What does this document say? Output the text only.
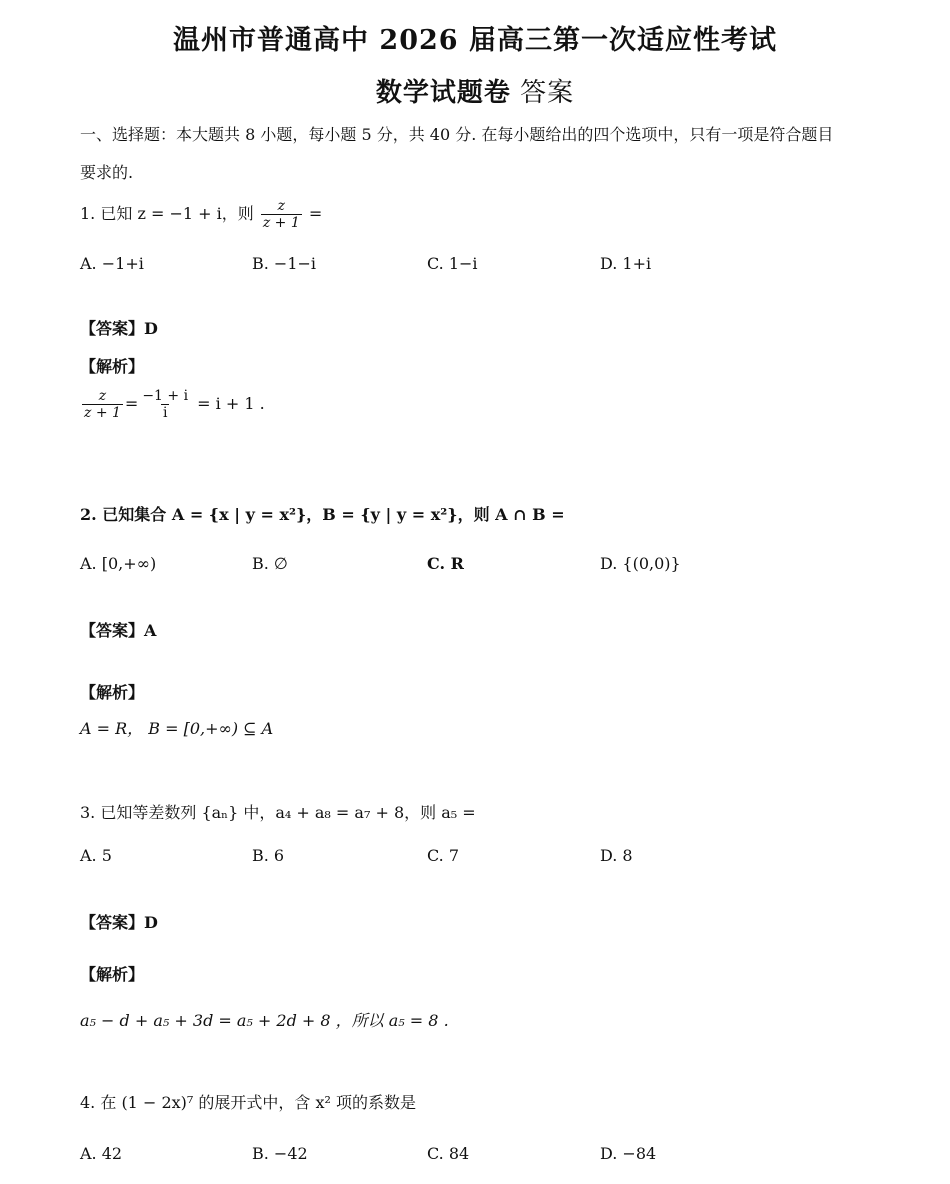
温州市普通高中 2026 届高三第一次适应性考试
数学试题卷 答案
一、选择题：本大题共 8 小题，每小题 5 分，共 40 分. 在每小题给出的四个选项中，只有一项是符合题目
要求的.
1. 已知 z = −1 + i，则 $\frac{z}{z + 1}$ =
A. −1+i	B. −1−i	C. 1−i	D. 1+i
【答案】D
【解析】
$\frac{z}{z + 1} = \frac{-1 + i}{i} = i + 1$ .
2. 已知集合 A = {x | y = x²}，B = {y | y = x²}，则 A ∩ B =
A. [0,+∞)	B. ∅	C. R	D. {(0,0)}
【答案】A
【解析】
A = R， B = [0,+∞) ⊆ A
3. 已知等差数列 {aₙ} 中，a₄ + a₈ = a₇ + 8，则 a₅ =
A. 5	B. 6	C. 7	D. 8
【答案】D
【解析】
a₅ − d + a₅ + 3d = a₅ + 2d + 8 ，所以 a₅ = 8 .
4. 在 (1 − 2x)⁷ 的展开式中，含 x² 项的系数是
A. 42	B. −42	C. 84	D. −84
